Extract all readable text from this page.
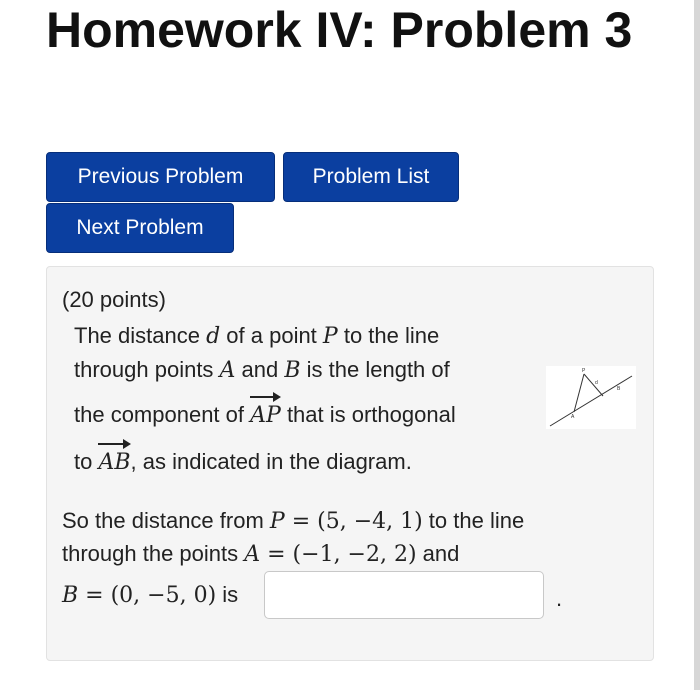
Homework IV: Problem 3
Previous Problem	Problem List
Next Problem
(20 points)
The distance d of a point P to the line
through points A and B is the length of
the component of AP that is orthogonal
to AB, as indicated in the diagram.
P
d
B
A
So the distance from P = (5, −4, 1) to the line
through the points A = (−1, −2, 2) and
B = (0, −5, 0) is	.
